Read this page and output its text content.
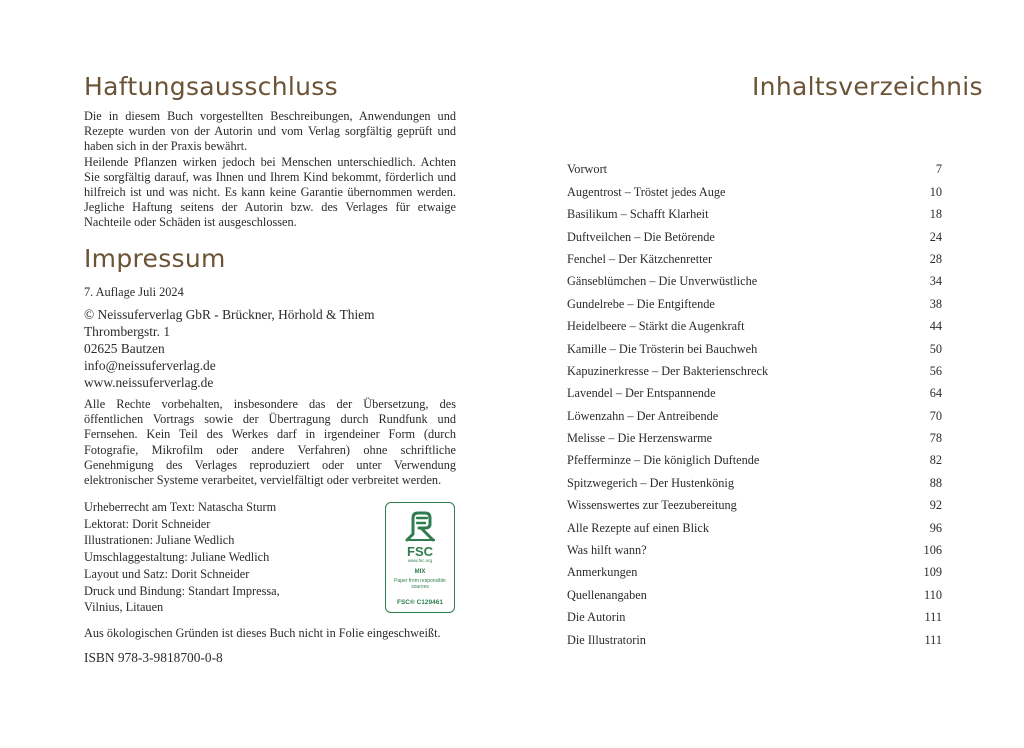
Haftungsausschluss

Die in diesem Buch vorgestellten Beschreibungen, Anwendungen und Rezepte wurden von der Autorin und vom Verlag sorgfältig geprüft und haben sich in der Praxis bewährt.

Heilende Pflanzen wirken jedoch bei Menschen unterschiedlich. Achten Sie sorgfältig darauf, was Ihnen und Ihrem Kind bekommt, förderlich und hilfreich ist und was nicht. Es kann keine Garantie übernommen werden. Jegliche Haftung seitens der Autorin bzw. des Verlages für etwaige Nachteile oder Schäden ist ausgeschlossen.

Impressum
7. Auflage Juli 2024
© Neissuferverlag GbR - Brückner, Hörhold & Thiem
Thrombergstr. 1
02625 Bautzen
info@neissuferverlag.de
www.neissuferverlag.de
Alle Rechte vorbehalten, insbesondere das der Übersetzung, des öffentlichen Vortrags sowie der Übertragung durch Rundfunk und Fernsehen. Kein Teil des Werkes darf in irgendeiner Form (durch Fotografie, Mikrofilm oder andere Verfahren) ohne schriftliche Genehmigung des Verlages reproduziert oder unter Verwendung elektronischer Systeme verarbeitet, vervielfältigt oder verbreitet werden.
Urheberrecht am Text: Natascha Sturm
Lektorat: Dorit Schneider
Illustrationen: Juliane Wedlich
Umschlaggestaltung: Juliane Wedlich
Layout und Satz: Dorit Schneider
Druck und Bindung: Standart Impressa,
Vilnius, Litauen
FSC
www.fsc.org
MIX
Paper from responsible sources
FSC® C129461
Aus ökologischen Gründen ist dieses Buch nicht in Folie eingeschweißt.
ISBN 978-3-9818700-0-8
Inhaltsverzeichnis
Vorwort	7
Augentrost – Tröstet jedes Auge	10
Basilikum – Schafft Klarheit	18
Duftveilchen – Die Betörende	24
Fenchel – Der Kätzchenretter	28
Gänseblümchen – Die Unverwüstliche	34
Gundelrebe – Die Entgiftende	38
Heidelbeere – Stärkt die Augenkraft	44
Kamille – Die Trösterin bei Bauchweh	50
Kapuzinerkresse – Der Bakterienschreck	56
Lavendel – Der Entspannende	64
Löwenzahn – Der Antreibende	70
Melisse – Die Herzenswarme	78
Pfefferminze – Die königlich Duftende	82
Spitzwegerich – Der Hustenkönig	88
Wissenswertes zur Teezubereitung	92
Alle Rezepte auf einen Blick	96
Was hilft wann?	106
Anmerkungen	109
Quellenangaben	110
Die Autorin	111
Die Illustratorin	111
